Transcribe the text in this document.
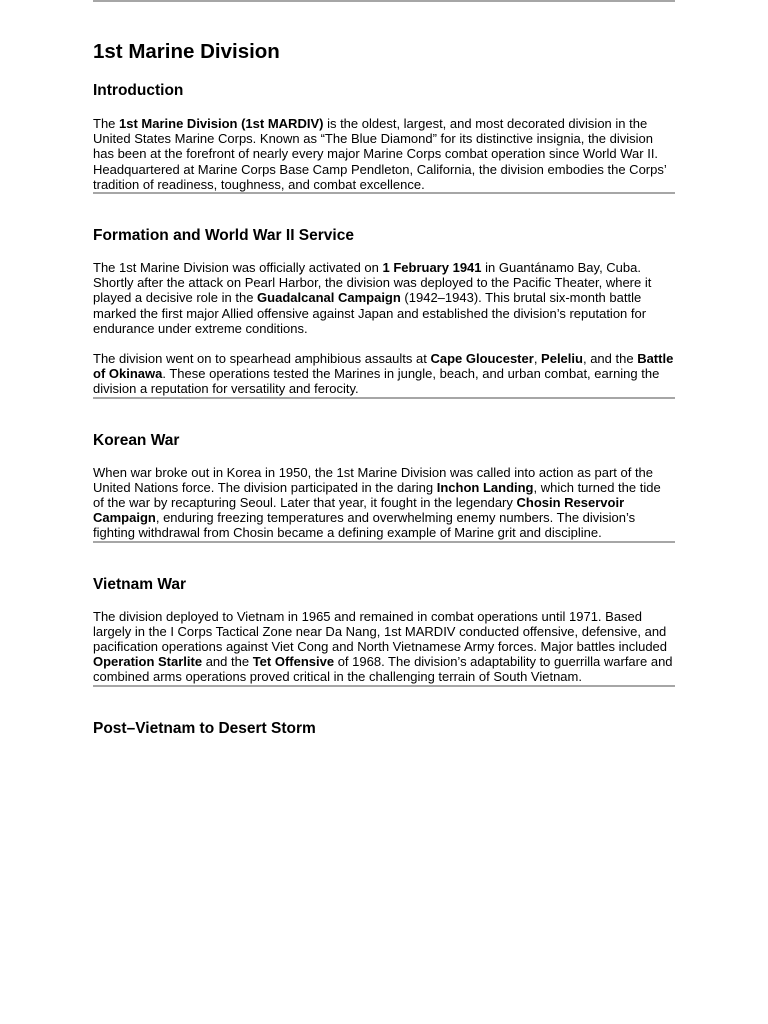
1st Marine Division
Introduction

The 1st Marine Division (1st MARDIV) is the oldest, largest, and most decorated division in the United States Marine Corps. Known as “The Blue Diamond” for its distinctive insignia, the division has been at the forefront of nearly every major Marine Corps combat operation since World War II. Headquartered at Marine Corps Base Camp Pendleton, California, the division embodies the Corps’ tradition of readiness, toughness, and combat excellence.

Formation and World War II Service

The 1st Marine Division was officially activated on 1 February 1941 in Guantánamo Bay, Cuba. Shortly after the attack on Pearl Harbor, the division was deployed to the Pacific Theater, where it played a decisive role in the Guadalcanal Campaign (1942–1943). This brutal six-month battle marked the first major Allied offensive against Japan and established the division’s reputation for endurance under extreme conditions.

The division went on to spearhead amphibious assaults at Cape Gloucester, Peleliu, and the Battle of Okinawa. These operations tested the Marines in jungle, beach, and urban combat, earning the division a reputation for versatility and ferocity.

Korean War

When war broke out in Korea in 1950, the 1st Marine Division was called into action as part of the United Nations force. The division participated in the daring Inchon Landing, which turned the tide of the war by recapturing Seoul. Later that year, it fought in the legendary Chosin Reservoir Campaign, enduring freezing temperatures and overwhelming enemy numbers. The division’s fighting withdrawal from Chosin became a defining example of Marine grit and discipline.

Vietnam War

The division deployed to Vietnam in 1965 and remained in combat operations until 1971. Based largely in the I Corps Tactical Zone near Da Nang, 1st MARDIV conducted offensive, defensive, and pacification operations against Viet Cong and North Vietnamese Army forces. Major battles included Operation Starlite and the Tet Offensive of 1968. The division’s adaptability to guerrilla warfare and combined arms operations proved critical in the challenging terrain of South Vietnam.

Post–Vietnam to Desert Storm
